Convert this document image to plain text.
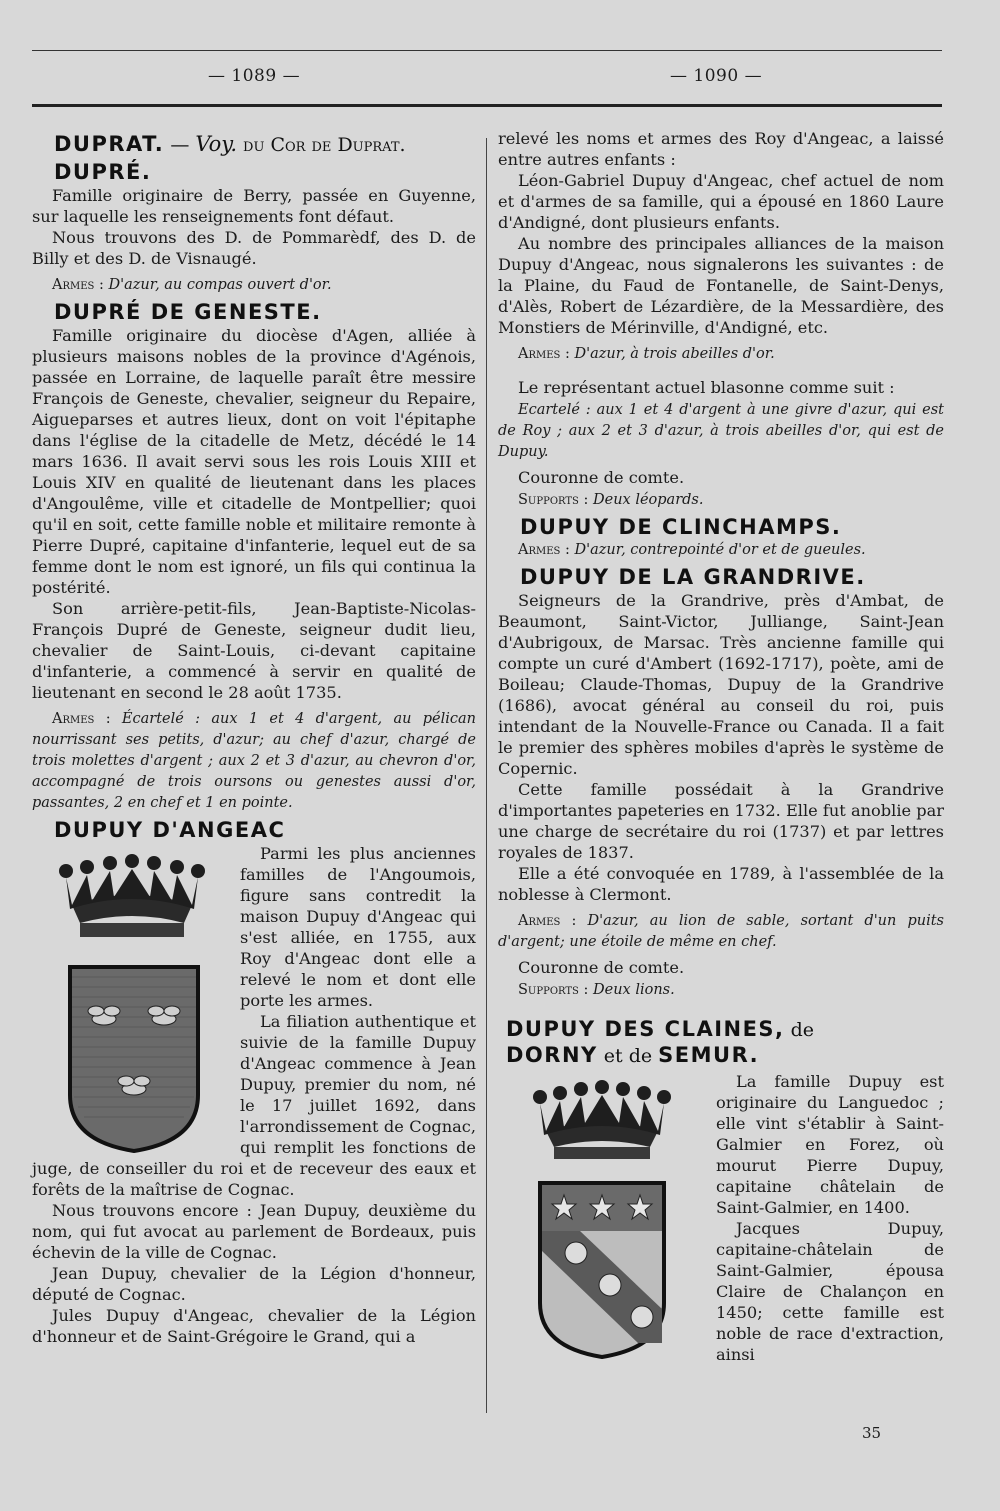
— 1089 —	— 1090 —
DUPRAT. — Voy. du Cor de Duprat.
DUPRÉ.

Famille originaire de Berry, passée en Guyenne, sur laquelle les renseignements font défaut.

Nous trouvons des D. de Pommarèdf, des D. de Billy et des D. de Visnaugé.

Armes : D'azur, au compas ouvert d'or.
DUPRÉ DE GENESTE.

Famille originaire du diocèse d'Agen, alliée à plusieurs maisons nobles de la province d'Agénois, passée en Lorraine, de laquelle paraît être messire François de Geneste, chevalier, seigneur du Repaire, Aigueparses et autres lieux, dont on voit l'épitaphe dans l'église de la citadelle de Metz, décédé le 14 mars 1636. Il avait servi sous les rois Louis XIII et Louis XIV en qualité de lieutenant dans les places d'Angoulême, ville et citadelle de Montpellier; quoi qu'il en soit, cette famille noble et militaire remonte à Pierre Dupré, capitaine d'infanterie, lequel eut de sa femme dont le nom est ignoré, un fils qui continua la postérité.

Son arrière-petit-fils, Jean-Baptiste-Nicolas-François Dupré de Geneste, seigneur dudit lieu, chevalier de Saint-Louis, ci-devant capitaine d'infanterie, a commencé à servir en qualité de lieutenant en second le 28 août 1735.

Armes : Écartelé : aux 1 et 4 d'argent, au pélican nourrissant ses petits, d'azur; au chef d'azur, chargé de trois molettes d'argent ; aux 2 et 3 d'azur, au chevron d'or, accompagné de trois oursons ou genestes aussi d'or, passantes, 2 en chef et 1 en pointe.
DUPUY D'ANGEAC

Parmi les plus anciennes familles de l'Angoumois, figure sans contredit la maison Dupuy d'Angeac qui s'est alliée, en 1755, aux Roy d'Angeac dont elle a relevé le nom et dont elle porte les armes.

La filiation authentique et suivie de la famille Dupuy d'Angeac commence à Jean Dupuy, premier du nom, né le 17 juillet 1692, dans l'arrondissement de Cognac, qui remplit les fonctions de juge, de conseiller du roi et de receveur des eaux et forêts de la maîtrise de Cognac.

Nous trouvons encore : Jean Dupuy, deuxième du nom, qui fut avocat au parlement de Bordeaux, puis échevin de la ville de Cognac.

Jean Dupuy, chevalier de la Légion d'honneur, député de Cognac.

Jules Dupuy d'Angeac, chevalier de la Légion d'honneur et de Saint-Grégoire le Grand, qui a

relevé les noms et armes des Roy d'Angeac, a laissé entre autres enfants :

Léon-Gabriel Dupuy d'Angeac, chef actuel de nom et d'armes de sa famille, qui a épousé en 1860 Laure d'Andigné, dont plusieurs enfants.

Au nombre des principales alliances de la maison Dupuy d'Angeac, nous signalerons les suivantes : de la Plaine, du Faud de Fontanelle, de Saint-Denys, d'Alès, Robert de Lézardière, de la Messardière, des Monstiers de Mérinville, d'Andigné, etc.

Armes : D'azur, à trois abeilles d'or.

Le représentant actuel blasonne comme suit :

Ecartelé : aux 1 et 4 d'argent à une givre d'azur, qui est de Roy ; aux 2 et 3 d'azur, à trois abeilles d'or, qui est de Dupuy.

Couronne de comte.

Supports : Deux léopards.
DUPUY DE CLINCHAMPS.
Armes : D'azur, contrepointé d'or et de gueules.
DUPUY DE LA GRANDRIVE.

Seigneurs de la Grandrive, près d'Ambat, de Beaumont, Saint-Victor, Julliange, Saint-Jean d'Aubrigoux, de Marsac. Très ancienne famille qui compte un curé d'Ambert (1692-1717), poète, ami de Boileau; Claude-Thomas, Dupuy de la Grandrive (1686), avocat général au conseil du roi, puis intendant de la Nouvelle-France ou Canada. Il a fait le premier des sphères mobiles d'après le système de Copernic.

Cette famille possédait à la Grandrive d'importantes papeteries en 1732. Elle fut anoblie par une charge de secrétaire du roi (1737) et par lettres royales de 1837.

Elle a été convoquée en 1789, à l'assemblée de la noblesse à Clermont.

Armes : D'azur, au lion de sable, sortant d'un puits d'argent; une étoile de même en chef.

Couronne de comte.

Supports : Deux lions.
DUPUY DES CLAINES, de
DORNY et de SEMUR.

La famille Dupuy est originaire du Languedoc ; elle vint s'établir à Saint-Galmier en Forez, où mourut Pierre Dupuy, capitaine châtelain de Saint-Galmier, en 1400.

Jacques Dupuy, capitaine-châtelain de Saint-Galmier, épousa Claire de Chalançon en 1450; cette famille est noble de race d'extraction, ainsi

35
